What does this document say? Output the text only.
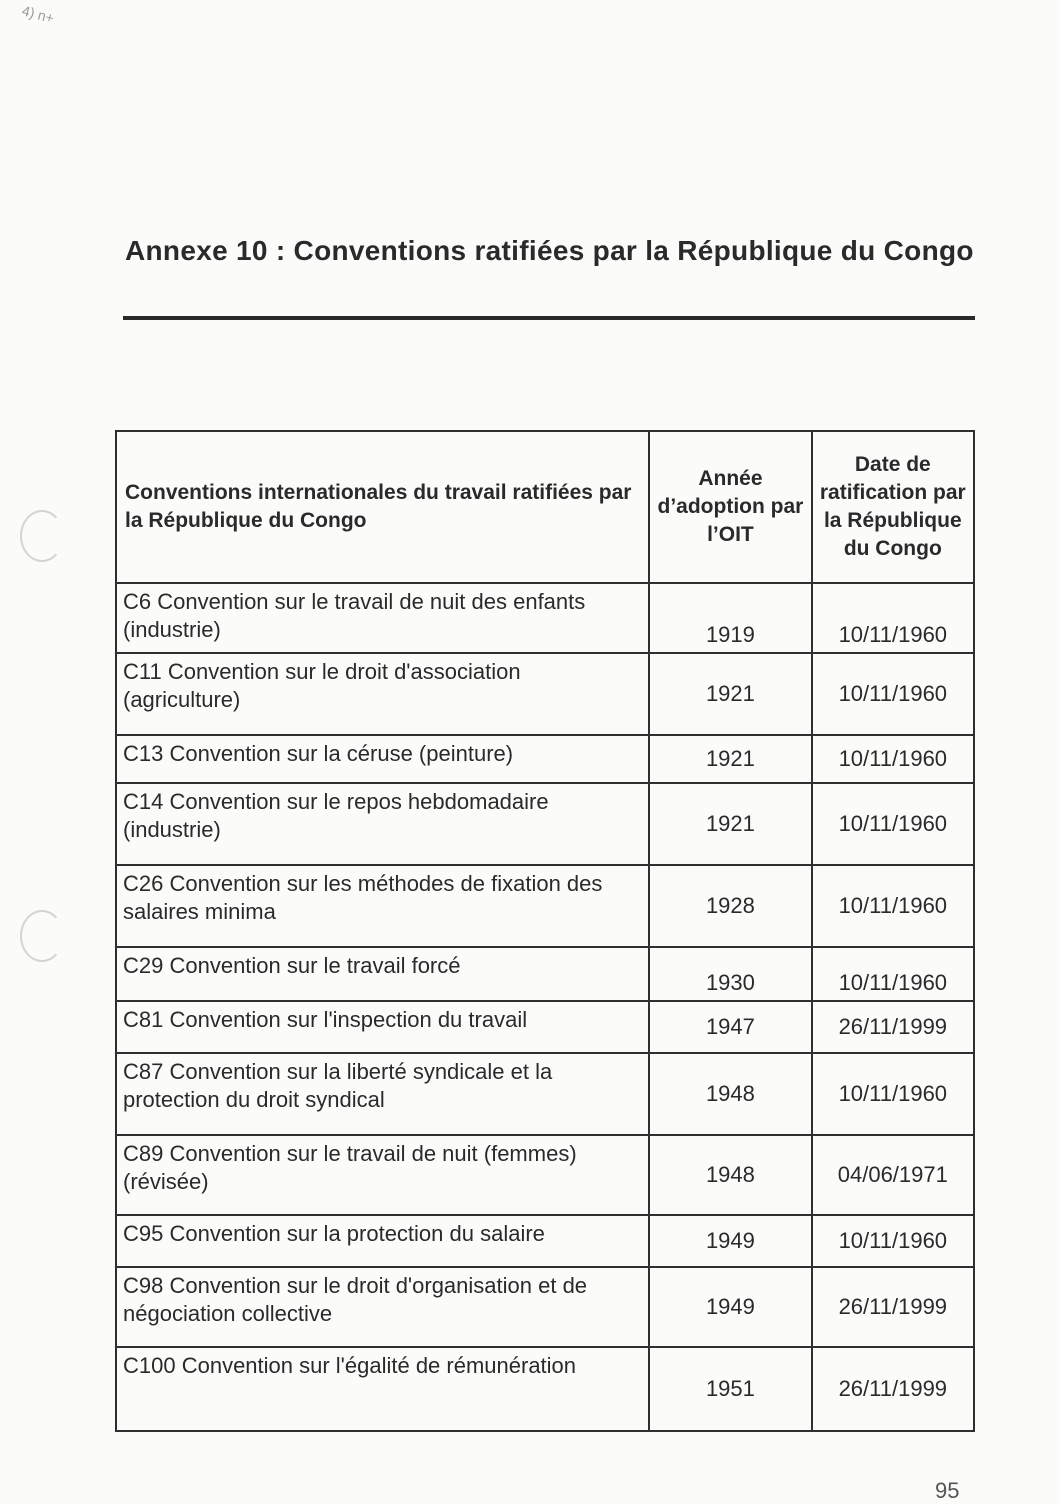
4) n+
Annexe 10 : Conventions ratifiées par la République du Congo
Conventions internationales du travail ratifiées par la République du Congo	Année d’adoption par l’OIT	Date de ratification par la République du Congo
C6 Convention sur le travail de nuit des enfants (industrie)	1919	10/11/1960
C11 Convention sur le droit d'association (agriculture)	1921	10/11/1960
C13 Convention sur la céruse (peinture)	1921	10/11/1960
C14 Convention sur le repos hebdomadaire (industrie)	1921	10/11/1960
C26 Convention sur les méthodes de fixation des salaires minima	1928	10/11/1960
C29 Convention sur le travail forcé	1930	10/11/1960
C81 Convention sur l'inspection du travail	1947	26/11/1999
C87 Convention sur la liberté syndicale et la protection du droit syndical	1948	10/11/1960
C89 Convention sur le travail de nuit (femmes) (révisée)	1948	04/06/1971
C95 Convention sur la protection du salaire	1949	10/11/1960
C98 Convention sur le droit d'organisation et de négociation collective	1949	26/11/1999
C100 Convention sur l'égalité de rémunération	1951	26/11/1999
95
